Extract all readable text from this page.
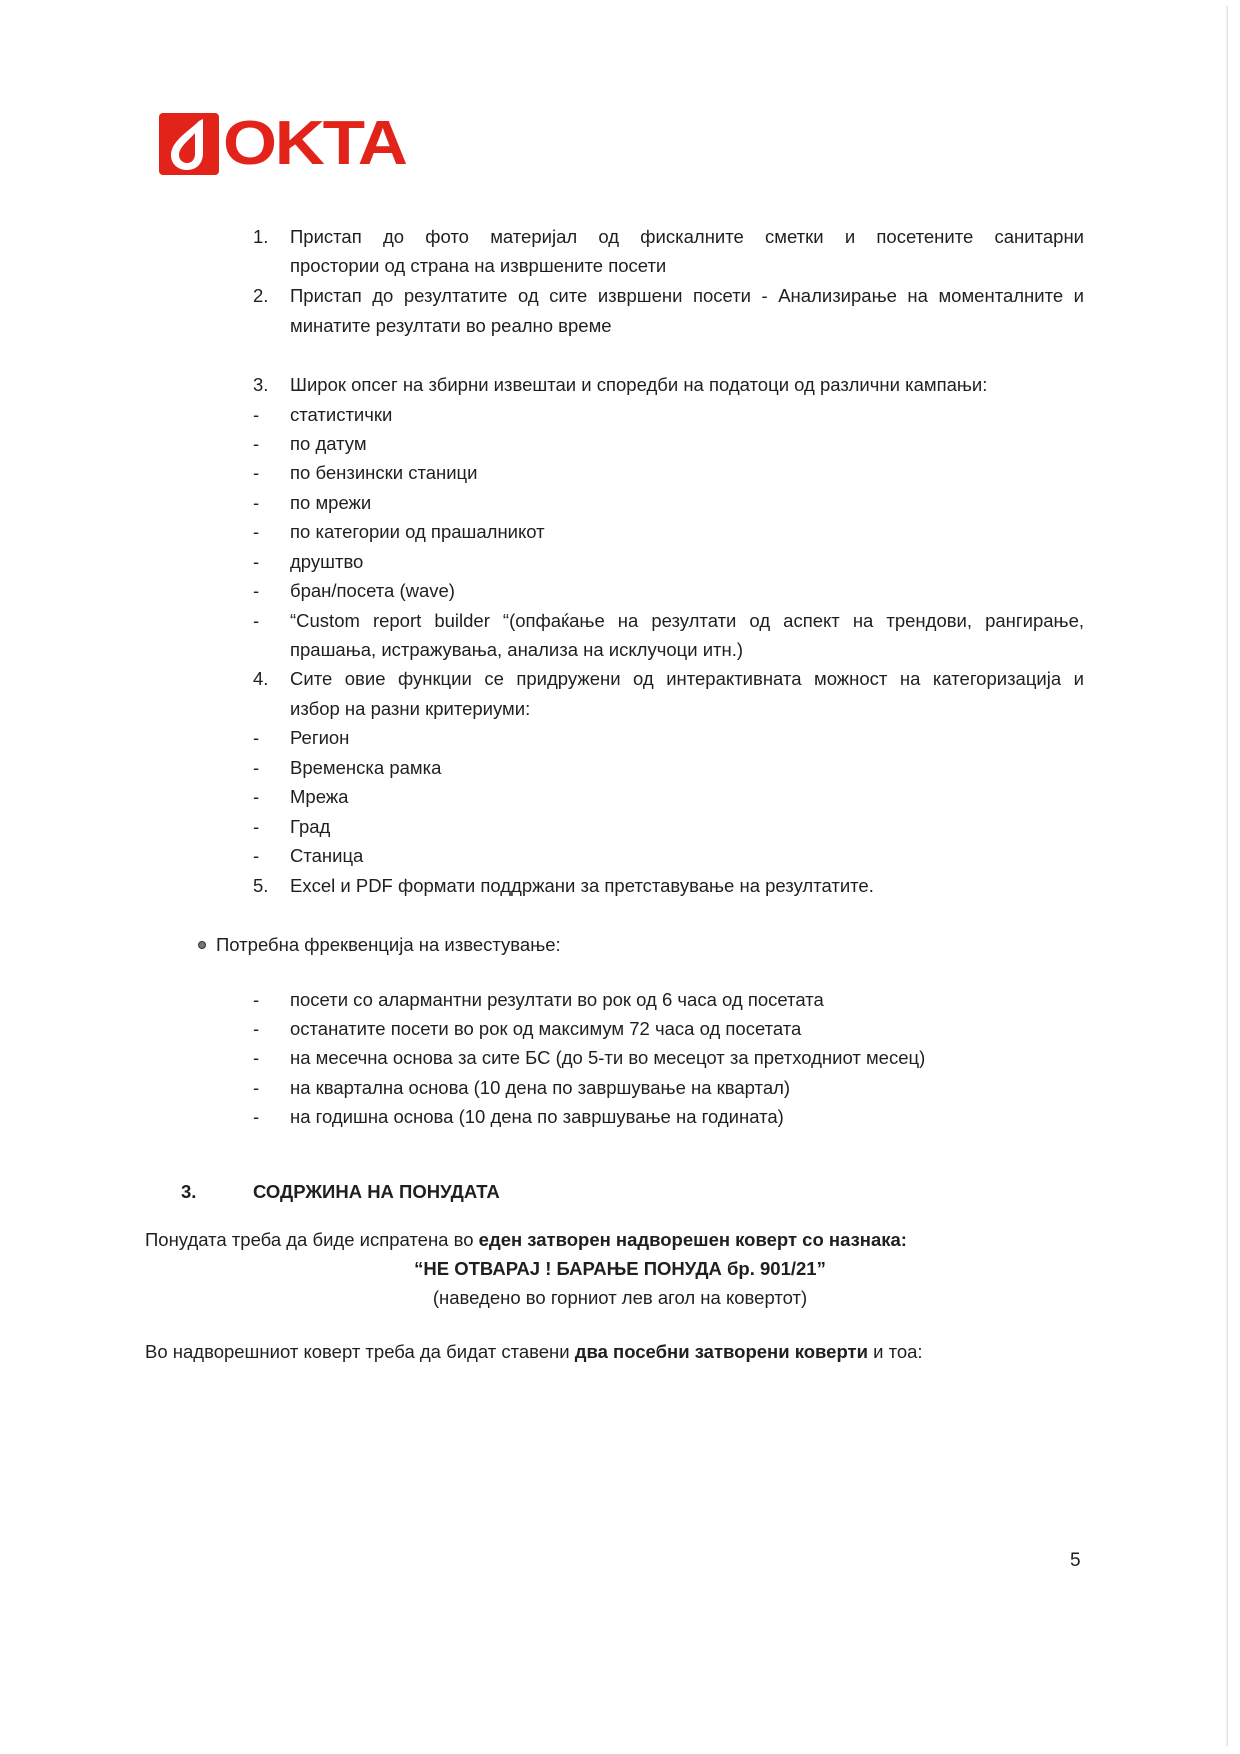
OKTA
1.	Пристап до фото материјал од фискалните сметки и посетените санитарни
простории од страна на извршените посети
2.	Пристап до резултатите од сите извршени посети - Анализирање на моменталните и
минатите резултати во реално време
3.	Широк опсег на збирни извештаи и споредби на податоци од различни кампањи:
-	статистички
-	по датум
-	по бензински станици
-	по мрежи
-	по категории од прашалникот
-	друштво
-	бран/посета (wave)
-	“Custom report builder “(опфаќање на резултати од аспект на трендови, рангирање,
прашања, истражувања, анализа на исклучоци итн.)
4.	Сите овие функции се придружени од интерактивната можност на категоризација и
избор на разни критериуми:
-	Регион
-	Временска рамка
-	Мрежа
-	Град
-	Станица
5.	Excel и PDF формати поддржани за претставување на резултатите.
Потребна фреквенција на известување:
-	посети со алармантни резултати во рок од 6 часа од посетата
-	останатите посети во рок од максимум 72 часа од посетата
-	на месечна основа за сите БС (до 5-ти во месецот за претходниот месец)
-	на квартална основа (10 дена по завршување на квартал)
-	на годишна основа (10 дена по завршување на годината)
3.	СОДРЖИНА НА ПОНУДАТА
Понудата треба да биде испратена во еден затворен надворешен коверт со назнака:
“НЕ ОТВАРАЈ ! БАРАЊЕ ПОНУДА бр. 901/21”
(наведено во горниот лев агол на ковертот)
Во надворешниот коверт треба да бидат ставени два посебни затворени коверти и тоа:
5
